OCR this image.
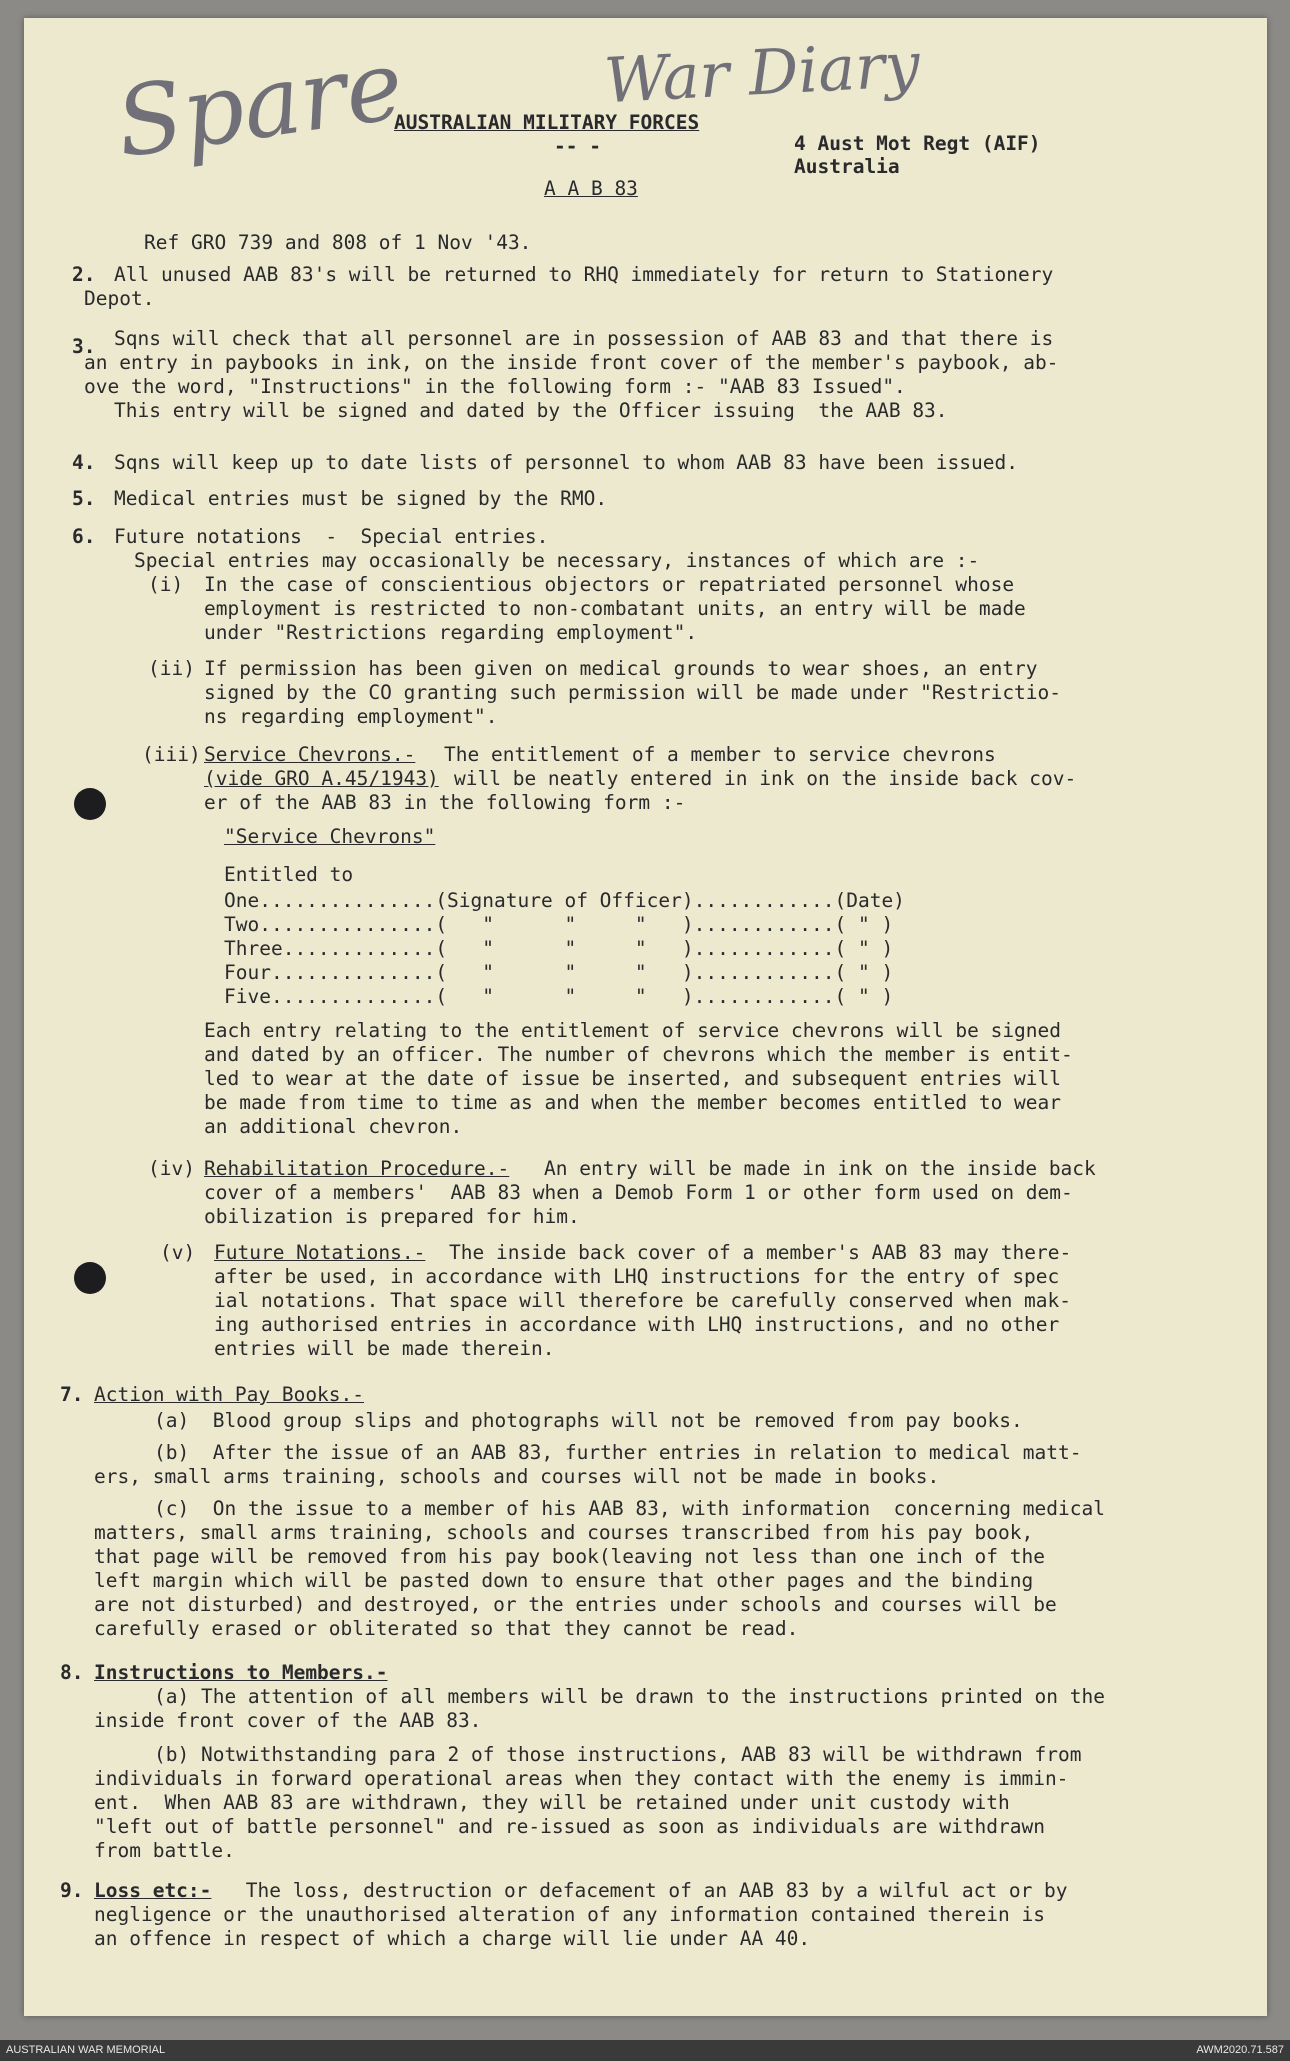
Spare	War Diary
AUSTRALIAN MILITARY FORCES
-- -
A A B 83
4 Aust Mot Regt (AIF)
Australia
Ref GRO 739 and 808 of 1 Nov '43.
2. All unused AAB 83's will be returned to RHQ immediately for return to Stationery
Depot.
3. Sqns will check that all personnel are in possession of AAB 83 and that there is
an entry in paybooks in ink, on the inside front cover of the member's paybook, ab-
ove the word, "Instructions" in the following form :- "AAB 83 Issued".
This entry will be signed and dated by the Officer issuing  the AAB 83.
4. Sqns will keep up to date lists of personnel to whom AAB 83 have been issued.
5. Medical entries must be signed by the RMO.
6. Future notations  -  Special entries.
Special entries may occasionally be necessary, instances of which are :-
(i) In the case of conscientious objectors or repatriated personnel whose
employment is restricted to non-combatant units, an entry will be made
under "Restrictions regarding employment".
(ii) If permission has been given on medical grounds to wear shoes, an entry
signed by the CO granting such permission will be made under "Restrictio-
ns regarding employment".
(iii) Service Chevrons.- The entitlement of a member to service chevrons
(vide GRO A.45/1943) will be neatly entered in ink on the inside back cov-
er of the AAB 83 in the following form :-
"Service Chevrons"
Entitled to
One...............(Signature of Officer)............(Date)
Two...............(   "      "     "   )............( " )
Three.............(   "      "     "   )............( " )
Four..............(   "      "     "   )............( " )
Five..............(   "      "     "   )............( " )
Each entry relating to the entitlement of service chevrons will be signed
and dated by an officer. The number of chevrons which the member is entit-
led to wear at the date of issue be inserted, and subsequent entries will
be made from time to time as and when the member becomes entitled to wear
an additional chevron.
(iv) Rehabilitation Procedure.- An entry will be made in ink on the inside back
cover of a members'  AAB 83 when a Demob Form 1 or other form used on dem-
obilization is prepared for him.
(v) Future Notations.- The inside back cover of a member's AAB 83 may there-
after be used, in accordance with LHQ instructions for the entry of spec
ial notations. That space will therefore be carefully conserved when mak-
ing authorised entries in accordance with LHQ instructions, and no other
entries will be made therein.
7. Action with Pay Books.-
(a)  Blood group slips and photographs will not be removed from pay books.
(b)  After the issue of an AAB 83, further entries in relation to medical matt-
ers, small arms training, schools and courses will not be made in books.
(c)  On the issue to a member of his AAB 83, with information  concerning medical
matters, small arms training, schools and courses transcribed from his pay book,
that page will be removed from his pay book(leaving not less than one inch of the
left margin which will be pasted down to ensure that other pages and the binding
are not disturbed) and destroyed, or the entries under schools and courses will be
carefully erased or obliterated so that they cannot be read.
8. Instructions to Members.-
(a) The attention of all members will be drawn to the instructions printed on the
inside front cover of the AAB 83.
(b) Notwithstanding para 2 of those instructions, AAB 83 will be withdrawn from
individuals in forward operational areas when they contact with the enemy is immin-
ent.  When AAB 83 are withdrawn, they will be retained under unit custody with
"left out of battle personnel" and re-issued as soon as individuals are withdrawn
from battle.
9. Loss etc:- The loss, destruction or defacement of an AAB 83 by a wilful act or by
negligence or the unauthorised alteration of any information contained therein is
an offence in respect of which a charge will lie under AA 40.
AUSTRALIAN WAR MEMORIAL	AWM2020.71.587
